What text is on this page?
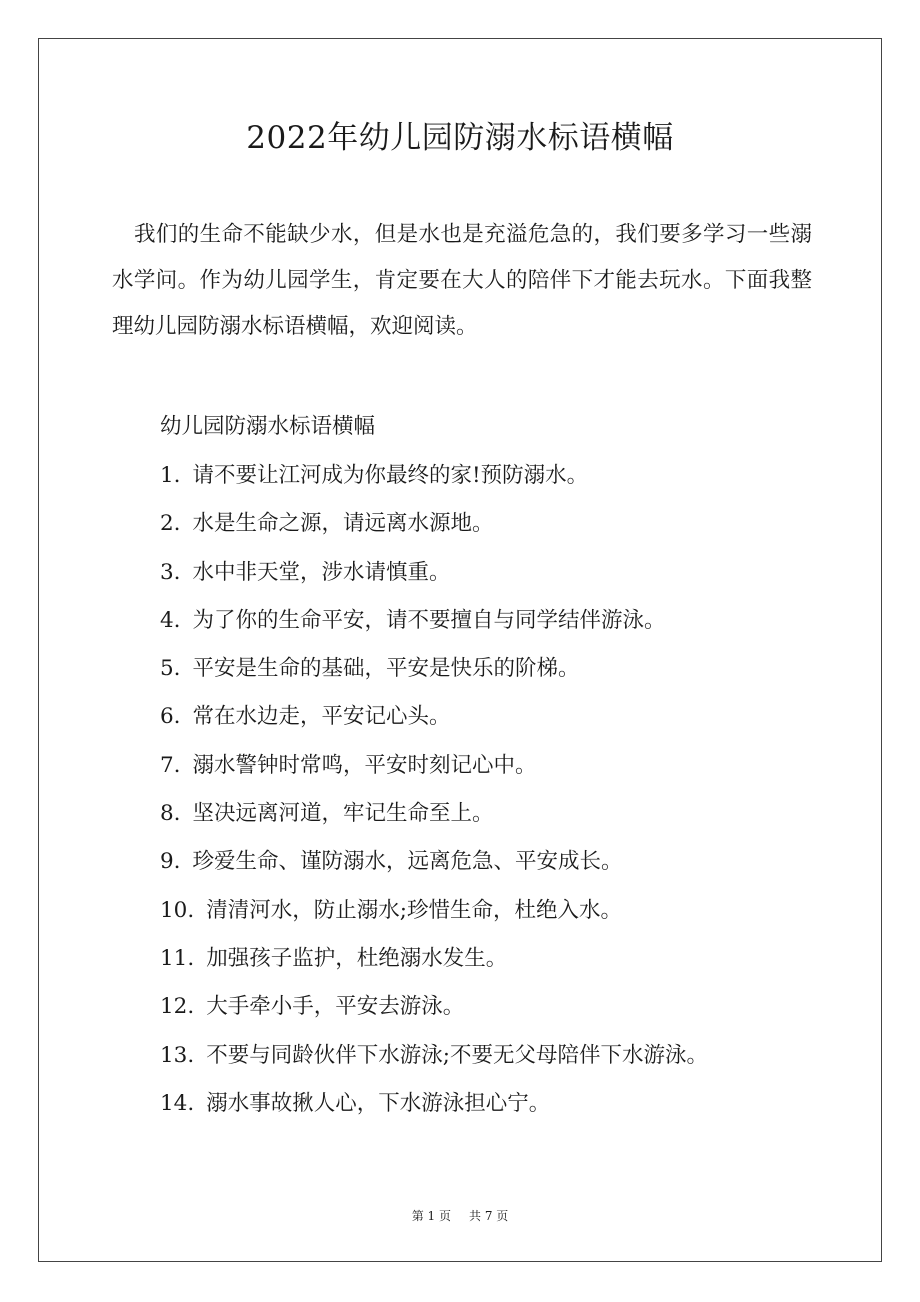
2022年幼儿园防溺水标语横幅

我们的生命不能缺少水，但是水也是充溢危急的，我们要多学习一些溺水学问。作为幼儿园学生，肯定要在大人的陪伴下才能去玩水。下面我整理幼儿园防溺水标语横幅，欢迎阅读。

幼儿园防溺水标语横幅
1. 请不要让江河成为你最终的家!预防溺水。
2. 水是生命之源，请远离水源地。
3. 水中非天堂，涉水请慎重。
4. 为了你的生命平安，请不要擅自与同学结伴游泳。
5. 平安是生命的基础，平安是快乐的阶梯。
6. 常在水边走，平安记心头。
7. 溺水警钟时常鸣，平安时刻记心中。
8. 坚决远离河道，牢记生命至上。
9. 珍爱生命、谨防溺水，远离危急、平安成长。
10. 清清河水，防止溺水;珍惜生命，杜绝入水。
11. 加强孩子监护，杜绝溺水发生。
12. 大手牵小手，平安去游泳。
13. 不要与同龄伙伴下水游泳;不要无父母陪伴下水游泳。
14. 溺水事故揪人心，下水游泳担心宁。
第 1 页 共 7 页
